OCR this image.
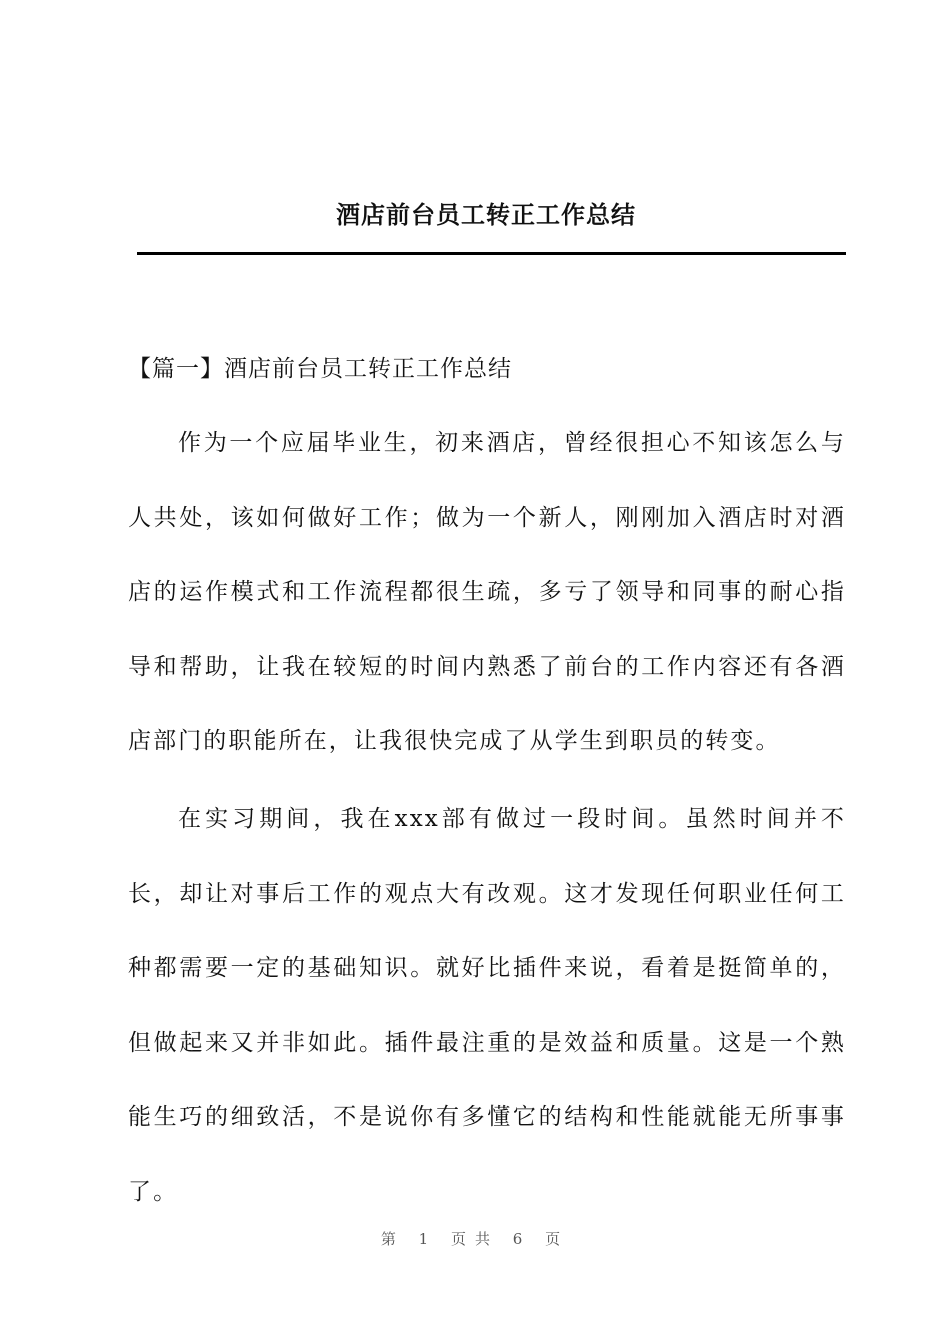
酒店前台员工转正工作总结
【篇一】酒店前台员工转正工作总结

作为一个应届毕业生，初来酒店，曾经很担心不知该怎么与人共处，该如何做好工作；做为一个新人，刚刚加入酒店时对酒店的运作模式和工作流程都很生疏，多亏了领导和同事的耐心指导和帮助，让我在较短的时间内熟悉了前台的工作内容还有各酒店部门的职能所在，让我很快完成了从学生到职员的转变。

在实习期间，我在xxx部有做过一段时间。虽然时间并不长，却让对事后工作的观点大有改观。这才发现任何职业任何工种都需要一定的基础知识。就好比插件来说，看着是挺简单的，但做起来又并非如此。插件最注重的是效益和质量。这是一个熟能生巧的细致活，不是说你有多懂它的结构和性能就能无所事事了。

第 1 页共 6 页
